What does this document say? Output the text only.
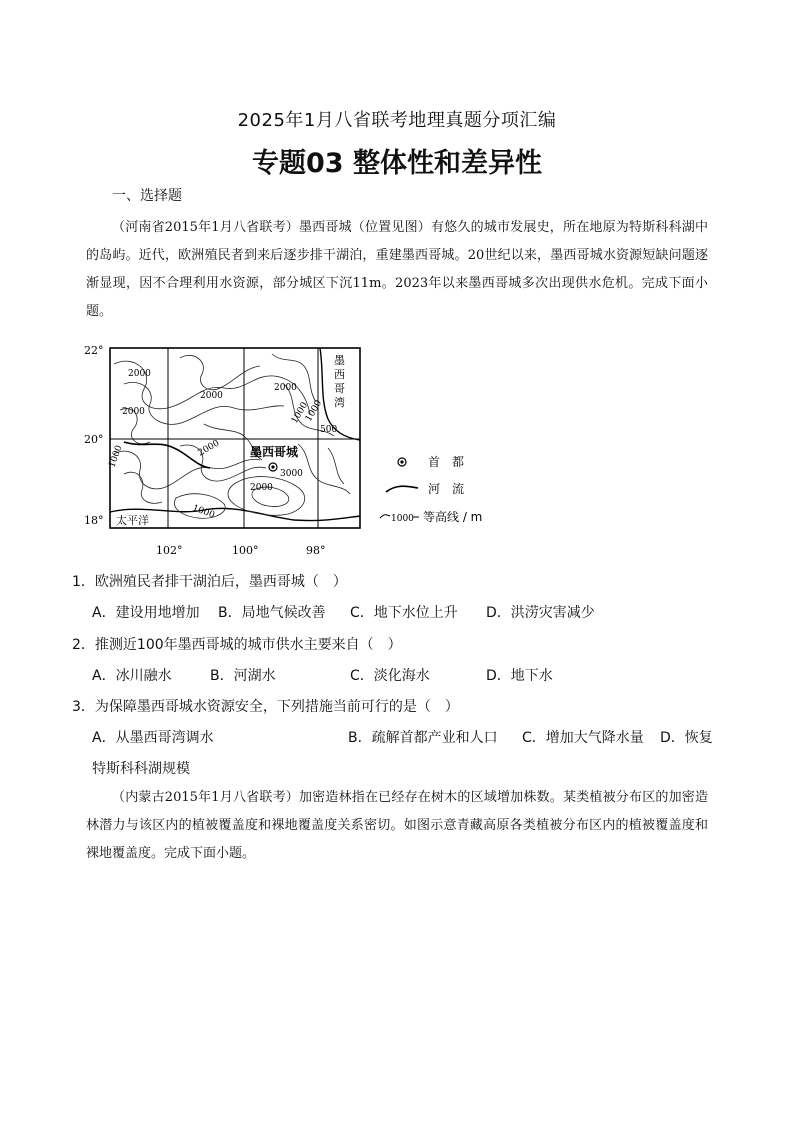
2025年1月八省联考地理真题分项汇编
专题03 整体性和差异性
一、选择题
（河南省2015年1月八省联考）墨西哥城（位置见图）有悠久的城市发展史，所在地原为特斯科科湖中的岛屿。近代，欧洲殖民者到来后逐步排干湖泊，重建墨西哥城。20世纪以来，墨西哥城水资源短缺问题逐渐显现，因不合理利用水资源，部分城区下沉11m。2023年以来墨西哥城多次出现供水危机。完成下面小题。
2000
2000
2000
2000
1000
500
1000	2000
1000
3000
2000
1000
墨西哥城
墨 西 哥 湾
太平洋
22°
20°
18°
102°	100°	98°
首　都
河　流
1000 等高线 / m
1．欧洲殖民者排干湖泊后，墨西哥城（　）
A．建设用地增加 B．局地气候改善 C．地下水位上升 D．洪涝灾害减少
2．推测近100年墨西哥城的城市供水主要来自（　）
A．冰川融水	B．河湖水	C．淡化海水	D．地下水
3．为保障墨西哥城水资源安全，下列措施当前可行的是（　）
A．从墨西哥湾调水	B．疏解首都产业和人口 C．增加大气降水量 D．恢复
特斯科科湖规模
（内蒙古2015年1月八省联考）加密造林指在已经存在树木的区域增加株数。某类植被分布区的加密造林潜力与该区内的植被覆盖度和裸地覆盖度关系密切。如图示意青藏高原各类植被分布区内的植被覆盖度和裸地覆盖度。完成下面小题。
